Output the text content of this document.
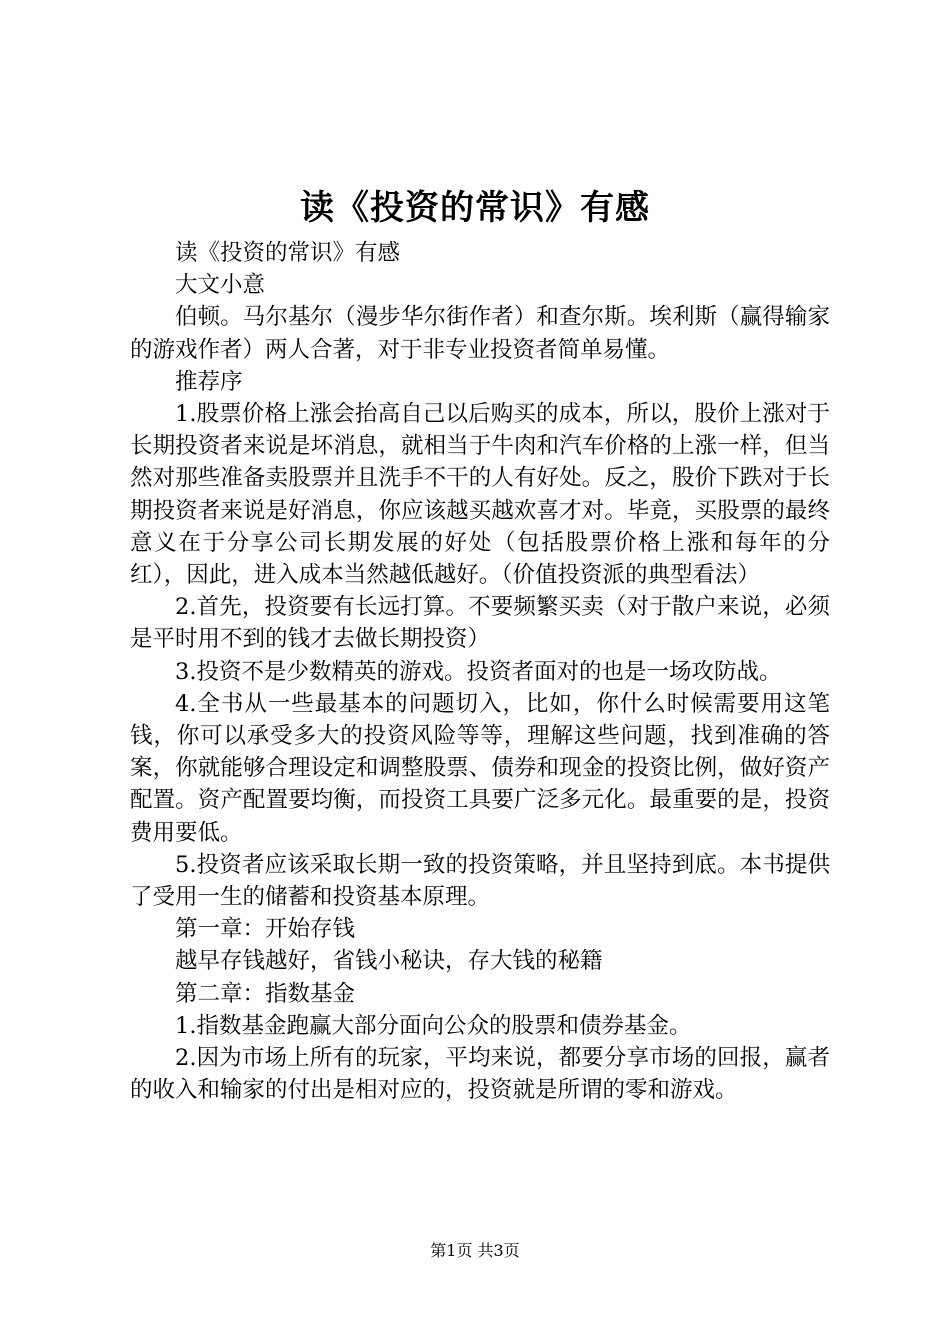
读《投资的常识》有感

读《投资的常识》有感

大文小意

伯顿。马尔基尔（漫步华尔街作者）和查尔斯。埃利斯（赢得输家的游戏作者）两人合著，对于非专业投资者简单易懂。

推荐序

1.股票价格上涨会抬高自己以后购买的成本，所以，股价上涨对于长期投资者来说是坏消息，就相当于牛肉和汽车价格的上涨一样，但当然对那些准备卖股票并且洗手不干的人有好处。反之，股价下跌对于长期投资者来说是好消息，你应该越买越欢喜才对。毕竟，买股票的最终意义在于分享公司长期发展的好处（包括股票价格上涨和每年的分红），因此，进入成本当然越低越好。（价值投资派的典型看法）

2.首先，投资要有长远打算。不要频繁买卖（对于散户来说，必须是平时用不到的钱才去做长期投资）

3.投资不是少数精英的游戏。投资者面对的也是一场攻防战。

4.全书从一些最基本的问题切入，比如，你什么时候需要用这笔钱，你可以承受多大的投资风险等等，理解这些问题，找到准确的答案，你就能够合理设定和调整股票、债券和现金的投资比例，做好资产配置。资产配置要均衡，而投资工具要广泛多元化。最重要的是，投资费用要低。

5.投资者应该采取长期一致的投资策略，并且坚持到底。本书提供了受用一生的储蓄和投资基本原理。

第一章：开始存钱

越早存钱越好，省钱小秘诀，存大钱的秘籍

第二章：指数基金

1.指数基金跑赢大部分面向公众的股票和债券基金。

2.因为市场上所有的玩家，平均来说，都要分享市场的回报，赢者的收入和输家的付出是相对应的，投资就是所谓的零和游戏。

第1页 共3页
